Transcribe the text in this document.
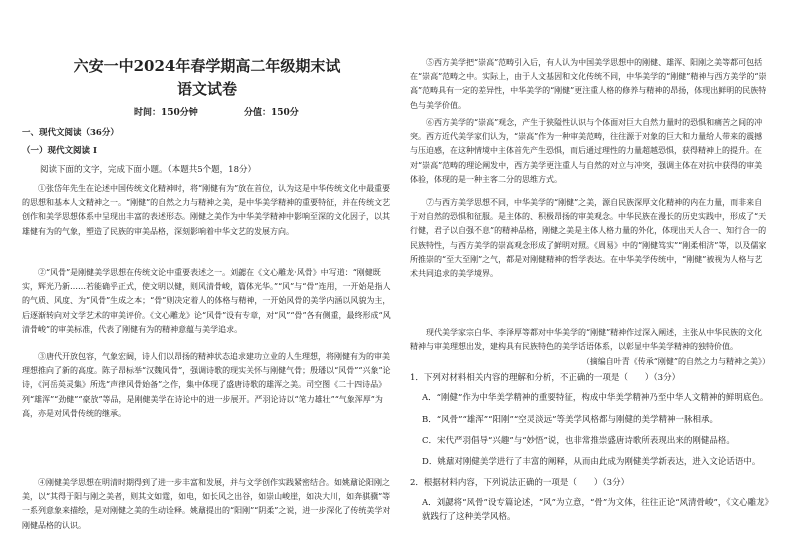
六安一中2024年春学期高二年级期末试
语文试卷
时间：150分钟	分值：150分
一、现代文阅读（36分）
（一）现代文阅读 I
阅读下面的文字，完成下面小题。（本题共5个题，18分）

①张岱年先生在论述中国传统文化精神时，将“刚健有为”放在首位，认为这是中华传统文化中最重要的思想和基本人文精神之一。“刚健”的自然之力与精神之美，是中华美学精神的重要特征，并在传统文艺创作和美学思想体系中呈现出丰富的表述形态。刚健之美作为中华美学精神中影响至深的文化因子，以其雄健有为的气象，塑造了民族的审美品格，深刻影响着中华文艺的发展方向。

②“风骨”是刚健美学思想在传统文论中重要表述之一。刘勰在《文心雕龙·风骨》中写道：“刚健既实，辉光乃新……若能确乎正式，使文明以健，则风清骨峻，篇体光华。”“风”与“骨”连用，一开始是指人的气质、风度、为“风骨”生成之本；“骨”则决定着人的体格与精神，一开始风骨的美学内涵以风貌为主，后逐渐转向对文学艺术的审美评价。《文心雕龙》论“风骨”设有专章，对“风”“骨”各有侧重，最终形成“风清骨峻”的审美标准，代表了刚健有为的精神意蕴与美学追求。

③唐代开放包容，气象宏阔，诗人们以昂扬的精神状态追求建功立业的人生理想，将刚健有为的审美理想推向了新的高度。陈子昂标举“汉魏风骨”，强调诗歌的现实关怀与刚健气骨；殷璠以“风骨”“兴象”论诗，《河岳英灵集》所选“声律风骨始备”之作，集中体现了盛唐诗歌的雄浑之美。司空图《二十四诗品》列“雄浑”“劲健”“豪放”等品，是刚健美学在诗论中的进一步展开。严羽论诗以“笔力雄壮”“气象浑厚”为高，亦是对风骨传统的继承。

④刚健美学思想在明清时期得到了进一步丰富和发展，并与文学创作实践紧密结合。如姚鼐论阳刚之美，以“其得于阳与刚之美者，则其文如霆，如电，如长风之出谷，如崇山峻崖，如决大川，如奔骐骥”等一系列意象来描绘，是对刚健之美的生动诠释。姚鼐提出的“阳刚”“阴柔”之说，进一步深化了传统美学对刚健品格的认识。

⑤西方美学把“崇高”范畴引入后，有人认为中国美学思想中的刚健、雄浑、阳刚之美等都可包括在“崇高”范畴之中。实际上，由于人文基因和文化传统不同，中华美学的“刚健”精神与西方美学的“崇高”范畴具有一定的差异性，中华美学的“刚健”更注重人格的修养与精神的昂扬，体现出鲜明的民族特色与美学价值。

⑥西方美学的“崇高”观念，产生于狭隘性认识与个体面对巨大自然力量时的恐惧和痛苦之间的冲突。西方近代美学家们认为，“崇高”作为一种审美范畴，往往源于对象的巨大和力量给人带来的震撼与压迫感，在这种情境中主体首先产生恐惧，而后通过理性的力量超越恐惧，获得精神上的提升。在对“崇高”范畴的理论阐发中，西方美学更注重人与自然的对立与冲突，强调主体在对抗中获得的审美体验，体现的是一种主客二分的思维方式。

⑦与西方美学思想不同，中华美学的“刚健”之美，源自民族深厚文化精神的内在力量，而非来自于对自然的恐惧和征服。是主体的、积极昂扬的审美观念。中华民族在漫长的历史实践中，形成了“天行健，君子以自强不息”的精神品格，刚健之美是主体人格力量的外化，体现出天人合一、知行合一的民族特性，与西方美学的崇高观念形成了鲜明对照。《周易》中的“刚健笃实”“刚柔相济”等，以及儒家所推崇的“至大至刚”之气，都是对刚健精神的哲学表达。在中华美学传统中，“刚健”被视为人格与艺术共同追求的美学境界。

现代美学家宗白华、李泽厚等都对中华美学的“刚健”精神作过深入阐述，主张从中华民族的文化精神与审美理想出发，建构具有民族特色的美学话语体系，以彰显中华美学精神的独特价值。

（摘编自叶青《传承“刚健”的自然之力与精神之美》）
1．下列对材料相关内容的理解和分析，不正确的一项是（　　）（3分）
A．“刚健”作为中华美学精神的重要特征，构成中华美学精神乃至中华人文精神的鲜明底色。
B．“风骨”“雄浑”“阳刚”“空灵淡远”等美学风格都与刚健的美学精神一脉相承。
C．宋代严羽倡导“兴趣”与“妙悟”说，也非常推崇盛唐诗歌所表现出来的刚健品格。
D．姚鼐对刚健美学进行了丰富的阐释，从而由此成为刚健美学新表达，进入文论话语中。
2．根据材料内容，下列说法正确的一项是（　　）（3分）
A．刘勰将“风骨”设专篇论述，“风”为立意，“骨”为文体，往往正论“风清骨峻”，《文心雕龙》就践行了这种美学风格。
